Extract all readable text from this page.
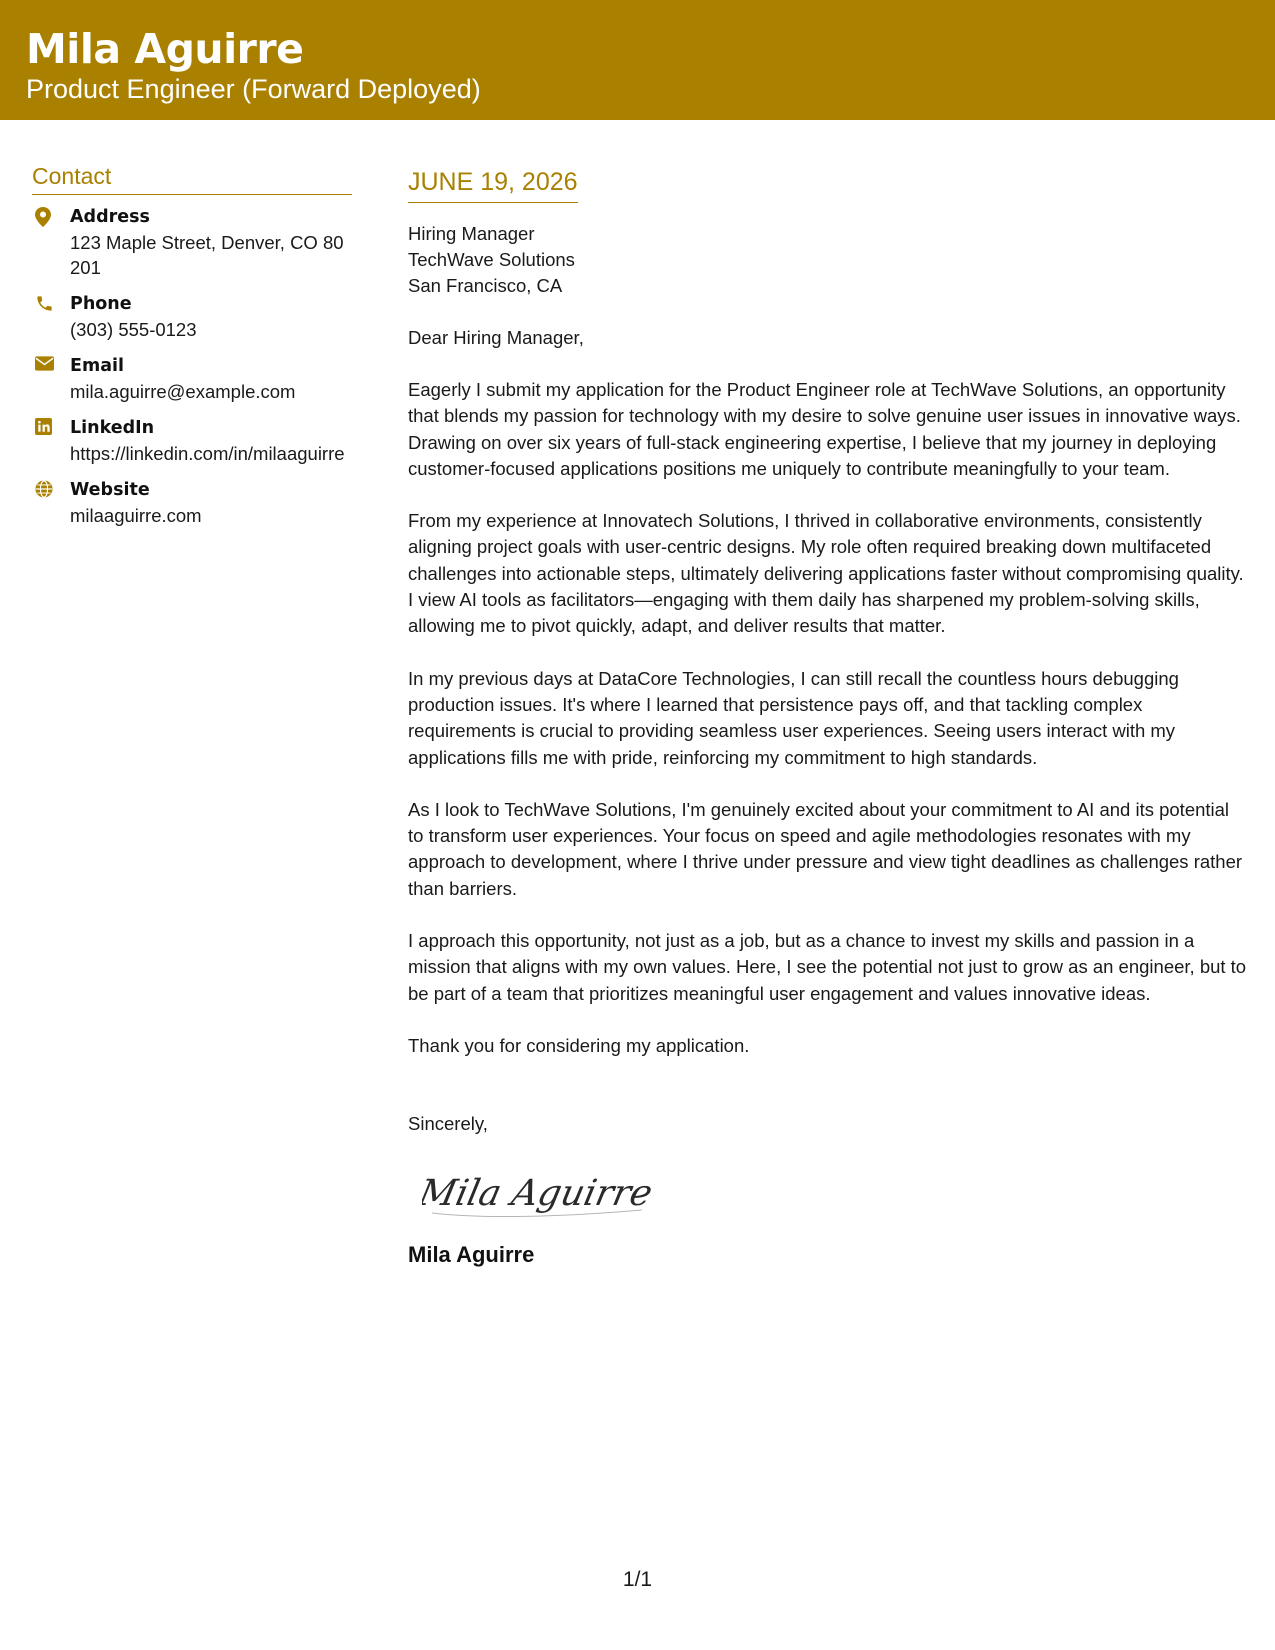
Mila Aguirre
Product Engineer (Forward Deployed)
Contact
Address
123 Maple Street, Denver, CO 80201
Phone
(303) 555-0123
Email
mila.aguirre@example.com
LinkedIn
https://linkedin.com/in/milaaguirre
Website
milaaguirre.com
JUNE 19, 2026
Hiring Manager
TechWave Solutions
San Francisco, CA
Dear Hiring Manager,

Eagerly I submit my application for the Product Engineer role at TechWave Solutions, an opportunity that blends my passion for technology with my desire to solve genuine user issues in innovative ways. Drawing on over six years of full-stack engineering expertise, I believe that my journey in deploying customer-focused applications positions me uniquely to contribute meaningfully to your team.

From my experience at Innovatech Solutions, I thrived in collaborative environments, consistently aligning project goals with user-centric designs. My role often required breaking down multifaceted challenges into actionable steps, ultimately delivering applications faster without compromising quality. I view AI tools as facilitators—engaging with them daily has sharpened my problem-solving skills, allowing me to pivot quickly, adapt, and deliver results that matter.

In my previous days at DataCore Technologies, I can still recall the countless hours debugging production issues. It's where I learned that persistence pays off, and that tackling complex requirements is crucial to providing seamless user experiences. Seeing users interact with my applications fills me with pride, reinforcing my commitment to high standards.

As I look to TechWave Solutions, I'm genuinely excited about your commitment to AI and its potential to transform user experiences. Your focus on speed and agile methodologies resonates with my approach to development, where I thrive under pressure and view tight deadlines as challenges rather than barriers.

I approach this opportunity, not just as a job, but as a chance to invest my skills and passion in a mission that aligns with my own values. Here, I see the potential not just to grow as an engineer, but to be part of a team that prioritizes meaningful user engagement and values innovative ideas.

Thank you for considering my application.

Sincerely,
Mila Aguirre
Mila Aguirre
1/1
